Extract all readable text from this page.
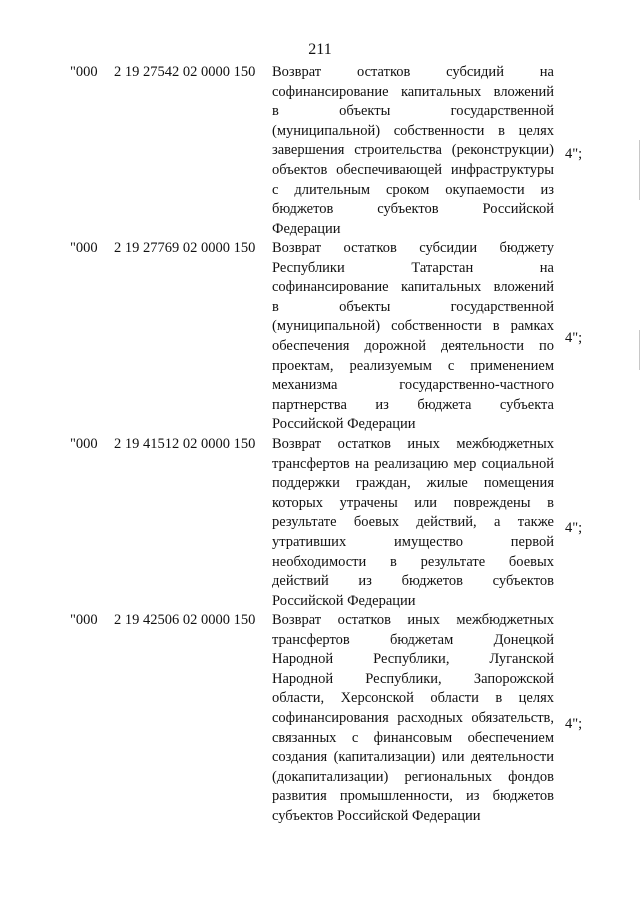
211
"000 2 19 27542 02 0000 150 Возврат остатков субсидий на
софинансирование капитальных вложений
в объекты государственной
(муниципальной) собственности в целях
завершения строительства (реконструкции)
объектов обеспечивающей инфраструктуры
с длительным сроком окупаемости из
бюджетов субъектов Российской
Федерации
4";
"000 2 19 27769 02 0000 150 Возврат остатков субсидии бюджету
Республики Татарстан на
софинансирование капитальных вложений
в объекты государственной
(муниципальной) собственности в рамках
обеспечения дорожной деятельности по
проектам, реализуемым с применением
механизма государственно-частного
партнерства из бюджета субъекта
Российской Федерации
4";
"000 2 19 41512 02 0000 150 Возврат остатков иных межбюджетных
трансфертов на реализацию мер социальной
поддержки граждан, жилые помещения
которых утрачены или повреждены в
результате боевых действий, а также
утративших имущество первой
необходимости в результате боевых
действий из бюджетов субъектов
Российской Федерации
4";
"000 2 19 42506 02 0000 150 Возврат остатков иных межбюджетных
трансфертов бюджетам Донецкой
Народной Республики, Луганской
Народной Республики, Запорожской
области, Херсонской области в целях
софинансирования расходных обязательств,
связанных с финансовым обеспечением
создания (капитализации) или деятельности
(докапитализации) региональных фондов
развития промышленности, из бюджетов
субъектов Российской Федерации
4";
